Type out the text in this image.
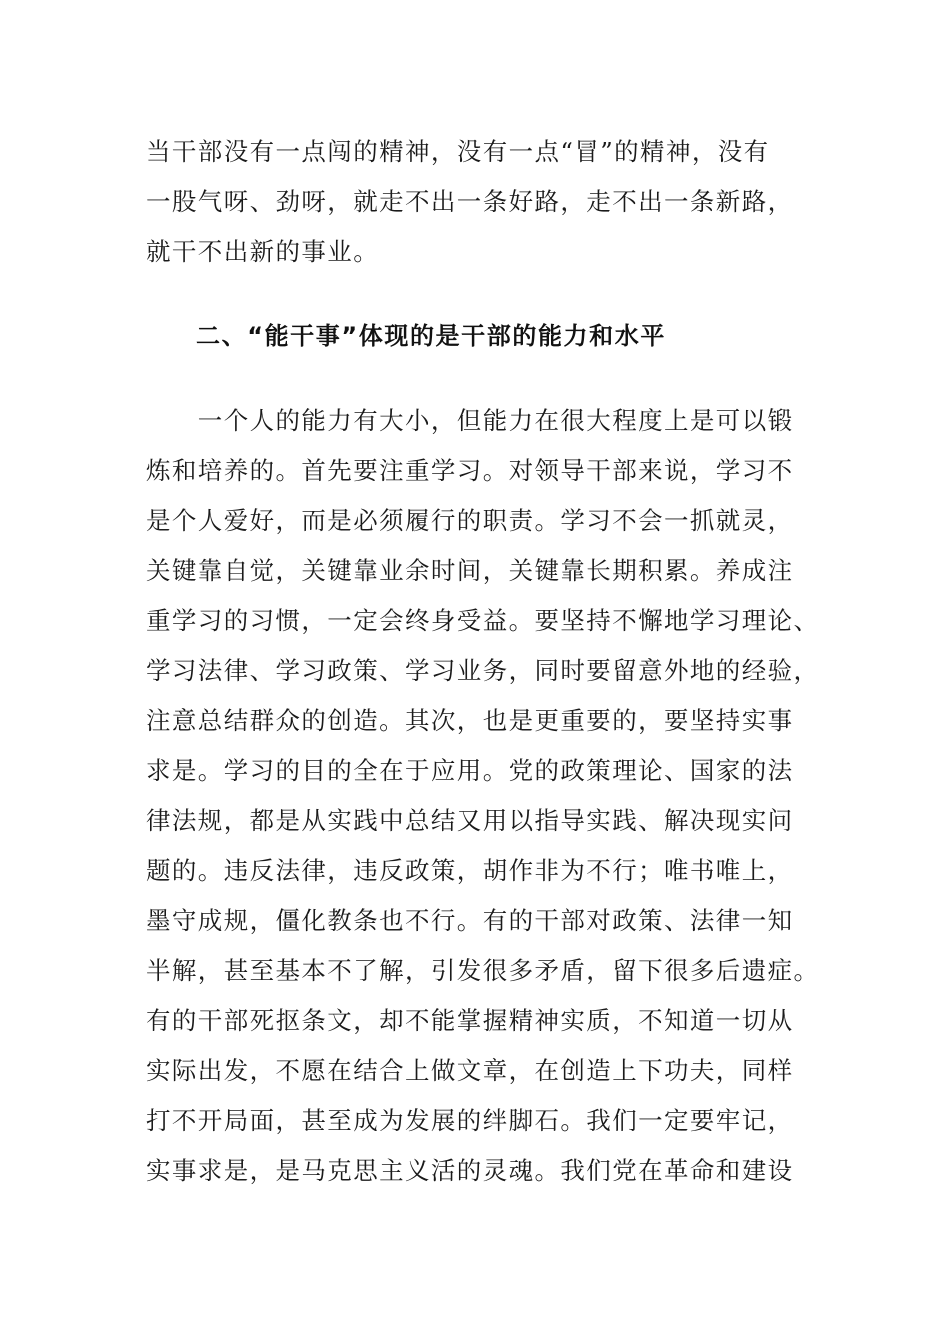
当干部没有一点闯的精神，没有一点“冒”的精神，没有
一股气呀、劲呀，就走不出一条好路，走不出一条新路，
就干不出新的事业。
二、“能干事”体现的是干部的能力和水平
　　一个人的能力有大小，但能力在很大程度上是可以锻
炼和培养的。首先要注重学习。对领导干部来说，学习不
是个人爱好，而是必须履行的职责。学习不会一抓就灵，
关键靠自觉，关键靠业余时间，关键靠长期积累。养成注
重学习的习惯，一定会终身受益。要坚持不懈地学习理论、
学习法律、学习政策、学习业务，同时要留意外地的经验，
注意总结群众的创造。其次，也是更重要的，要坚持实事
求是。学习的目的全在于应用。党的政策理论、国家的法
律法规，都是从实践中总结又用以指导实践、解决现实问
题的。违反法律，违反政策，胡作非为不行；唯书唯上，
墨守成规，僵化教条也不行。有的干部对政策、法律一知
半解，甚至基本不了解，引发很多矛盾，留下很多后遗症。
有的干部死抠条文，却不能掌握精神实质，不知道一切从
实际出发，不愿在结合上做文章，在创造上下功夫，同样
打不开局面，甚至成为发展的绊脚石。我们一定要牢记，
实事求是，是马克思主义活的灵魂。我们党在革命和建设
